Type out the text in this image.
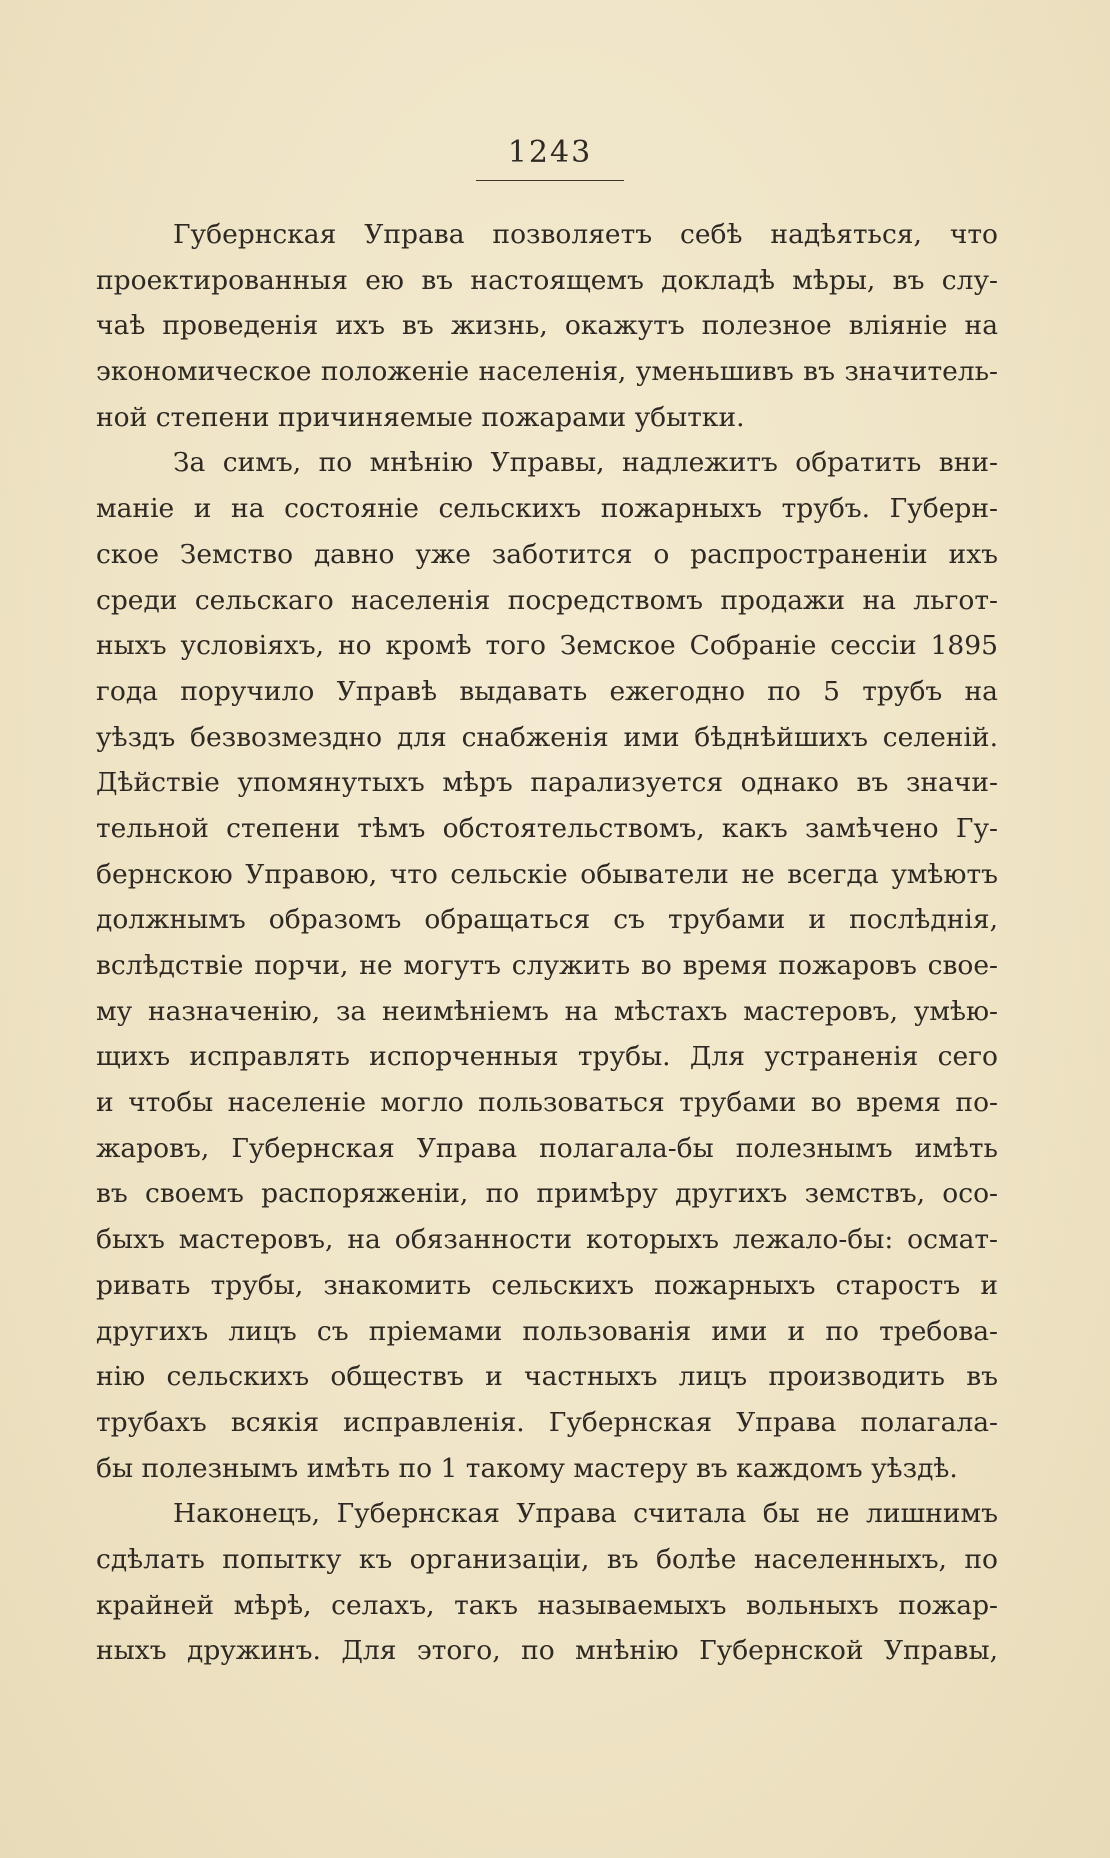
1243
Губернская Управа позволяетъ себѣ надѣяться, что
проектированныя ею въ настоящемъ докладѣ мѣры, въ слу-
чаѣ проведенія ихъ въ жизнь, окажутъ полезное вліяніе на
экономическое положеніе населенія, уменьшивъ въ значитель-
ной степени причиняемые пожарами убытки.
За симъ, по мнѣнію Управы, надлежитъ обратить вни-
маніе и на состояніе сельскихъ пожарныхъ трубъ. Губерн-
ское Земство давно уже заботится о распространеніи ихъ
среди сельскаго населенія посредствомъ продажи на льгот-
ныхъ условіяхъ, но кромѣ того Земское Собраніе сессіи 1895
года поручило Управѣ выдавать ежегодно по 5 трубъ на
уѣздъ безвозмездно для снабженія ими бѣднѣйшихъ селеній.
Дѣйствіе упомянутыхъ мѣръ парализуется однако въ значи-
тельной степени тѣмъ обстоятельствомъ, какъ замѣчено Гу-
бернскою Управою, что сельскіе обыватели не всегда умѣютъ
должнымъ образомъ обращаться съ трубами и послѣднія,
вслѣдствіе порчи, не могутъ служить во время пожаровъ свое-
му назначенію, за неимѣніемъ на мѣстахъ мастеровъ, умѣю-
щихъ исправлять испорченныя трубы. Для устраненія сего
и чтобы населеніе могло пользоваться трубами во время по-
жаровъ, Губернская Управа полагала-бы полезнымъ имѣть
въ своемъ распоряженіи, по примѣру другихъ земствъ, осо-
быхъ мастеровъ, на обязанности которыхъ лежало-бы: осмат-
ривать трубы, знакомить сельскихъ пожарныхъ старостъ и
другихъ лицъ съ пріемами пользованія ими и по требова-
нію сельскихъ обществъ и частныхъ лицъ производить въ
трубахъ всякія исправленія. Губернская Управа полагала-
бы полезнымъ имѣть по 1 такому мастеру въ каждомъ уѣздѣ.
Наконецъ, Губернская Управа считала бы не лишнимъ
сдѣлать попытку къ организаціи, въ болѣе населенныхъ, по
крайней мѣрѣ, селахъ, такъ называемыхъ вольныхъ пожар-
ныхъ дружинъ. Для этого, по мнѣнію Губернской Управы,
